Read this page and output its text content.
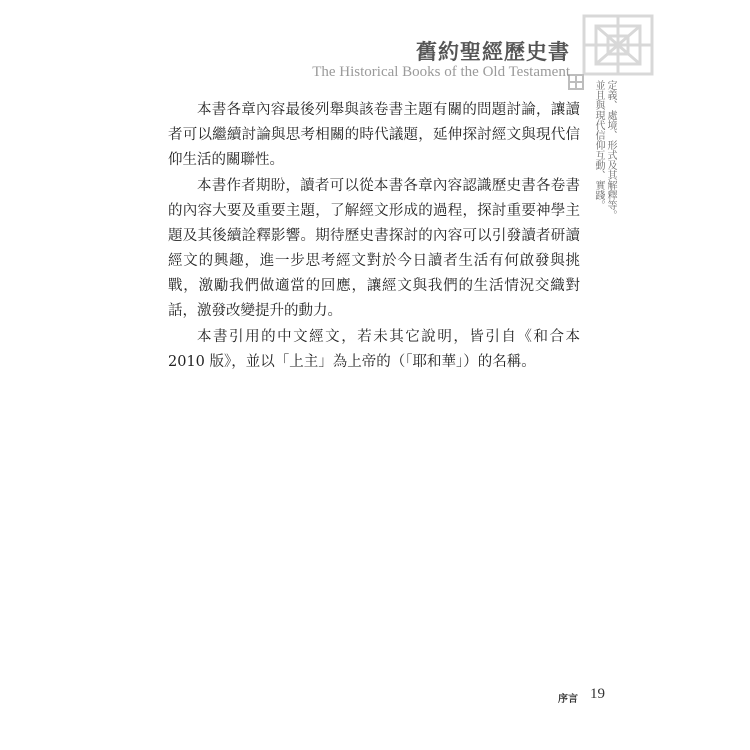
舊約聖經歷史書
The Historical Books of the Old Testament
定義、處境、形式及其解釋等。
並且與現代信仰互動、實踐。

本書各章內容最後列舉與該卷書主題有關的問題討論，讓讀者可以繼續討論與思考相關的時代議題，延伸探討經文與現代信仰生活的關聯性。

本書作者期盼，讀者可以從本書各章內容認識歷史書各卷書的內容大要及重要主題，了解經文形成的過程，探討重要神學主題及其後續詮釋影響。期待歷史書探討的內容可以引發讀者研讀經文的興趣，進一步思考經文對於今日讀者生活有何啟發與挑戰，激勵我們做適當的回應，讓經文與我們的生活情況交織對話，激發改變提升的動力。

本書引用的中文經文，若未其它說明，皆引自《和合本 2010 版》，並以「上主」為上帝的（「耶和華」）的名稱。

序言 19
